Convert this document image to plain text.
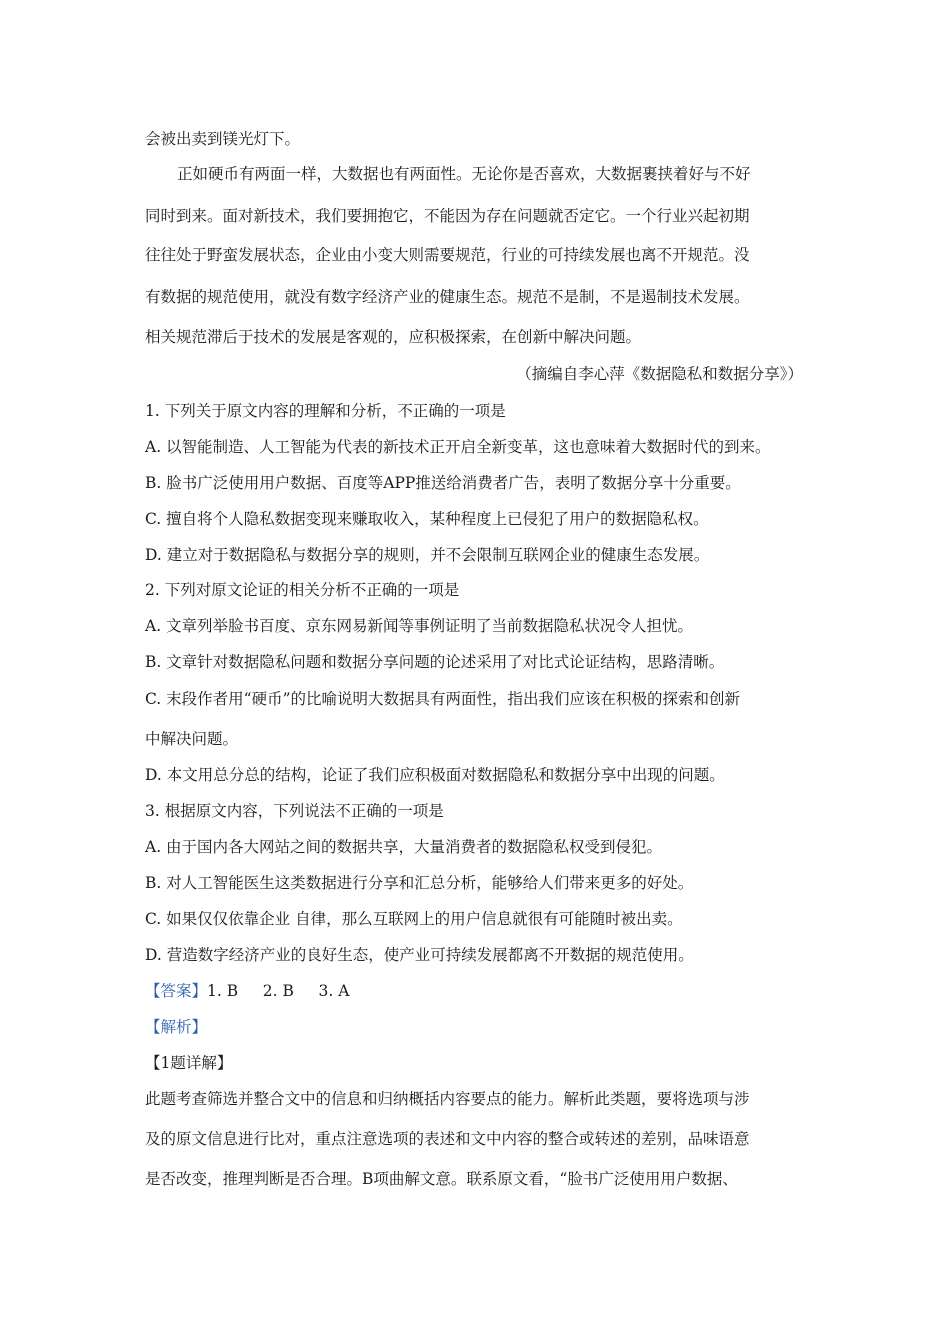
会被出卖到镁光灯下。
正如硬币有两面一样，大数据也有两面性。无论你是否喜欢，大数据裹挟着好与不好
同时到来。面对新技术，我们要拥抱它，不能因为存在问题就否定它。一个行业兴起初期
往往处于野蛮发展状态，企业由小变大则需要规范，行业的可持续发展也离不开规范。没
有数据的规范使用，就没有数字经济产业的健康生态。规范不是制，不是遏制技术发展。
相关规范滞后于技术的发展是客观的，应积极探索，在创新中解决问题。
（摘编自李心萍《数据隐私和数据分享》）
1. 下列关于原文内容的理解和分析，不正确的一项是
A. 以智能制造、人工智能为代表的新技术正开启全新变革，这也意味着大数据时代的到来。
B. 脸书广泛使用用户数据、百度等APP推送给消费者广告，表明了数据分享十分重要。
C. 擅自将个人隐私数据变现来赚取收入，某种程度上已侵犯了用户的数据隐私权。
D. 建立对于数据隐私与数据分享的规则，并不会限制互联网企业的健康生态发展。
2. 下列对原文论证的相关分析不正确的一项是
A. 文章列举脸书百度、京东网易新闻等事例证明了当前数据隐私状况令人担忧。
B. 文章针对数据隐私问题和数据分享问题的论述采用了对比式论证结构，思路清晰。
C. 末段作者用“硬币”的比喻说明大数据具有两面性，指出我们应该在积极的探索和创新
中解决问题。
D. 本文用总分总的结构，论证了我们应积极面对数据隐私和数据分享中出现的问题。
3. 根据原文内容，下列说法不正确的一项是
A. 由于国内各大网站之间的数据共享，大量消费者的数据隐私权受到侵犯。
B. 对人工智能医生这类数据进行分享和汇总分析，能够给人们带来更多的好处。
C. 如果仅仅依靠企业 自律，那么互联网上的用户信息就很有可能随时被出卖。
D. 营造数字经济产业的良好生态，使产业可持续发展都离不开数据的规范使用。
【答案】1. B     2. B     3. A
【解析】
【1题详解】
此题考查筛选并整合文中的信息和归纳概括内容要点的能力。解析此类题，要将选项与涉
及的原文信息进行比对，重点注意选项的表述和文中内容的整合或转述的差别，品味语意
是否改变，推理判断是否合理。B项曲解文意。联系原文看，“脸书广泛使用用户数据、
